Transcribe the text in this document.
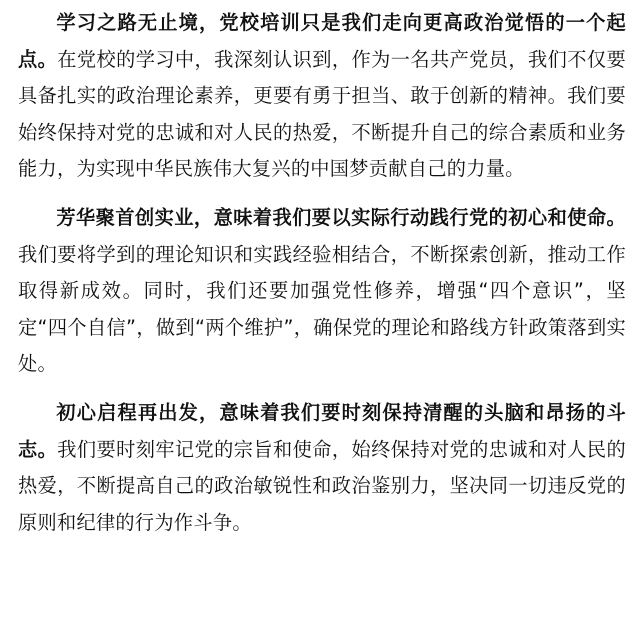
学习之路无止境，党校培训只是我们走向更高政治觉悟的一个起点。在党校的学习中，我深刻认识到，作为一名共产党员，我们不仅要具备扎实的政治理论素养，更要有勇于担当、敢于创新的精神。我们要始终保持对党的忠诚和对人民的热爱，不断提升自己的综合素质和业务能力，为实现中华民族伟大复兴的中国梦贡献自己的力量。

芳华聚首创实业，意味着我们要以实际行动践行党的初心和使命。我们要将学到的理论知识和实践经验相结合，不断探索创新，推动工作取得新成效。同时，我们还要加强党性修养，增强“四个意识”，坚定“四个自信”，做到“两个维护”，确保党的理论和路线方针政策落到实处。

初心启程再出发，意味着我们要时刻保持清醒的头脑和昂扬的斗志。我们要时刻牢记党的宗旨和使命，始终保持对党的忠诚和对人民的热爱，不断提高自己的政治敏锐性和政治鉴别力，坚决同一切违反党的原则和纪律的行为作斗争。
